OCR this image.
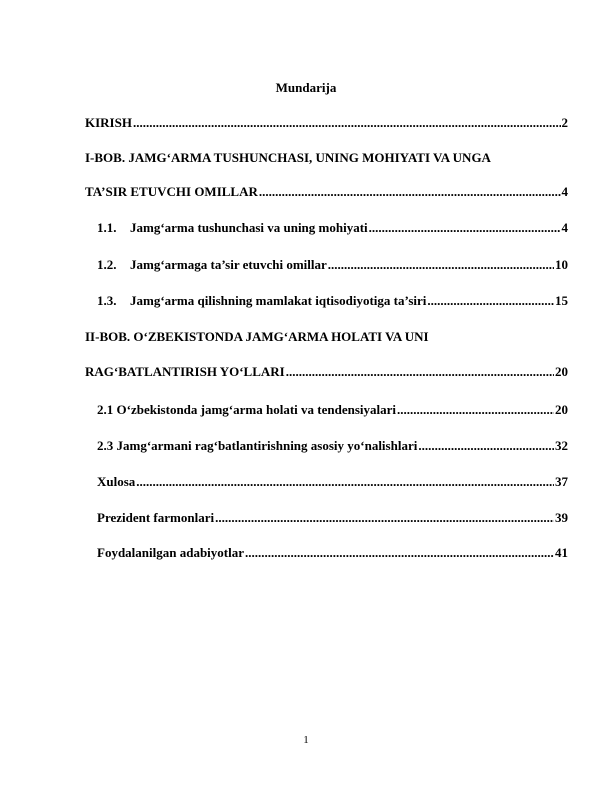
Mundarija
KIRISH .....	2
I-BOB. JAMG‘ARMA TUSHUNCHASI, UNING MOHIYATI VA UNGA
TA’SIR ETUVCHI OMILLAR .....	4
1.1.	Jamg‘arma tushunchasi va uning mohiyati .....	4
1.2.	Jamg‘armaga ta’sir etuvchi omillar .....	10
1.3.	Jamg‘arma qilishning mamlakat iqtisodiyotiga ta’siri .....	15
II-BOB. O‘ZBEKISTONDA JAMG‘ARMA HOLATI VA UNI
RAG‘BATLANTIRISH YO‘LLARI .....	20
2.1 O‘zbekistonda jamg‘arma holati va tendensiyalari .....	20
2.3 Jamg‘armani rag‘batlantirishning asosiy yo‘nalishlari .....	32
Xulosa .....	37
Prezident farmonlari .....	39
Foydalanilgan adabiyotlar .....	41
1
